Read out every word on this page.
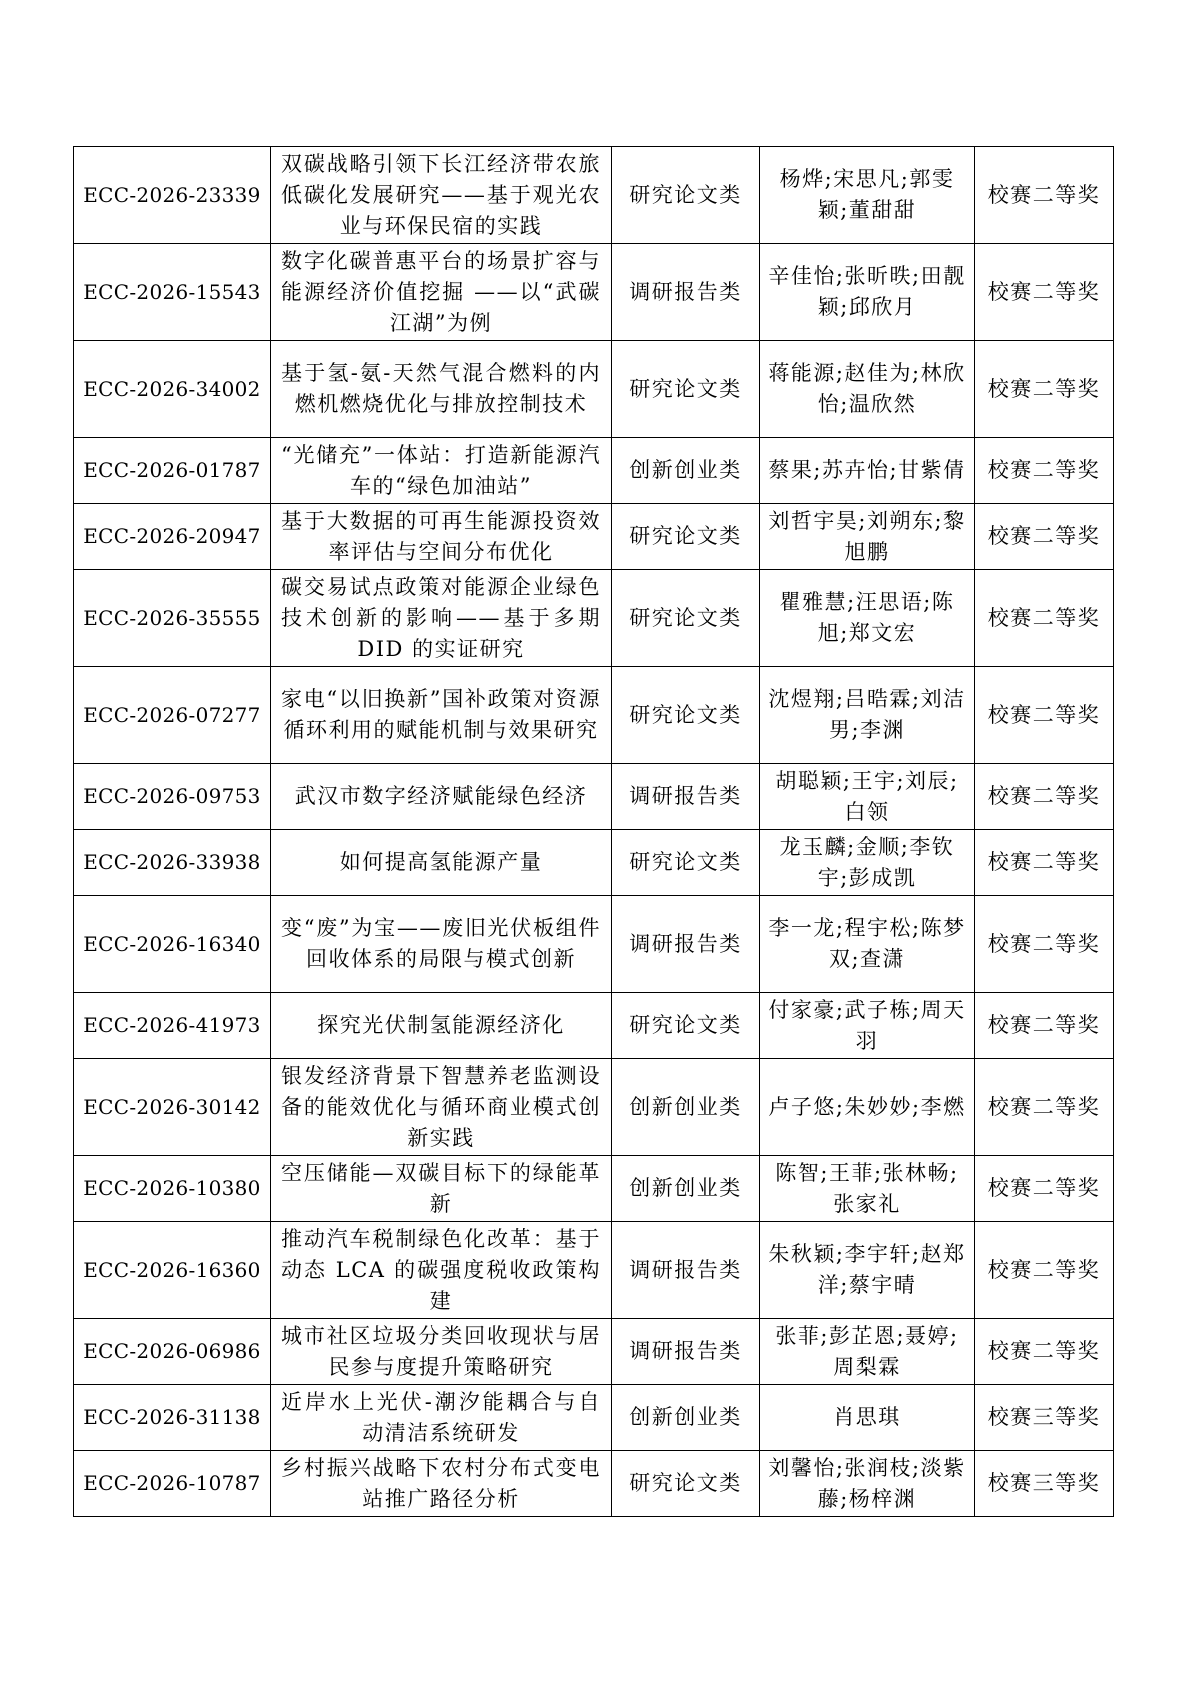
ECC-2026-23339	双碳战略引领下长江经济带农旅低碳化发展研究——基于观光农业与环保民宿的实践	研究论文类	杨烨;宋思凡;郭雯颖;董甜甜	校赛二等奖
ECC-2026-15543	数字化碳普惠平台的场景扩容与能源经济价值挖掘 ——以“武碳江湖”为例	调研报告类	辛佳怡;张昕昳;田靓颖;邱欣月	校赛二等奖
ECC-2026-34002	基于氢-氨-天然气混合燃料的内燃机燃烧优化与排放控制技术	研究论文类	蒋能源;赵佳为;林欣怡;温欣然	校赛二等奖
ECC-2026-01787	“光储充”一体站：打造新能源汽车的“绿色加油站”	创新创业类	蔡果;苏卉怡;甘紫倩	校赛二等奖
ECC-2026-20947	基于大数据的可再生能源投资效率评估与空间分布优化	研究论文类	刘哲宇昊;刘朔东;黎旭鹏	校赛二等奖
ECC-2026-35555	碳交易试点政策对能源企业绿色技术创新的影响——基于多期 DID 的实证研究	研究论文类	瞿雅慧;汪思语;陈旭;郑文宏	校赛二等奖
ECC-2026-07277	家电“以旧换新”国补政策对资源循环利用的赋能机制与效果研究	研究论文类	沈煜翔;吕晧霖;刘洁男;李渊	校赛二等奖
ECC-2026-09753	武汉市数字经济赋能绿色经济	调研报告类	胡聪颖;王宇;刘辰;白领	校赛二等奖
ECC-2026-33938	如何提高氢能源产量	研究论文类	龙玉麟;金顺;李钦宇;彭成凯	校赛二等奖
ECC-2026-16340	变“废”为宝——废旧光伏板组件回收体系的局限与模式创新	调研报告类	李一龙;程宇松;陈梦双;查潇	校赛二等奖
ECC-2026-41973	探究光伏制氢能源经济化	研究论文类	付家豪;武子栋;周天羽	校赛二等奖
ECC-2026-30142	银发经济背景下智慧养老监测设备的能效优化与循环商业模式创新实践	创新创业类	卢子悠;朱妙妙;李燃	校赛二等奖
ECC-2026-10380	空压储能—双碳目标下的绿能革新	创新创业类	陈智;王菲;张林畅;张家礼	校赛二等奖
ECC-2026-16360	推动汽车税制绿色化改革：基于动态 LCA 的碳强度税收政策构建	调研报告类	朱秋颖;李宇轩;赵郑洋;蔡宇晴	校赛二等奖
ECC-2026-06986	城市社区垃圾分类回收现状与居民参与度提升策略研究	调研报告类	张菲;彭芷恩;聂婷;周梨霖	校赛二等奖
ECC-2026-31138	近岸水上光伏-潮汐能耦合与自动清洁系统研发	创新创业类	肖思琪	校赛三等奖
ECC-2026-10787	乡村振兴战略下农村分布式变电站推广路径分析	研究论文类	刘馨怡;张润枝;淡紫藤;杨梓渊	校赛三等奖
